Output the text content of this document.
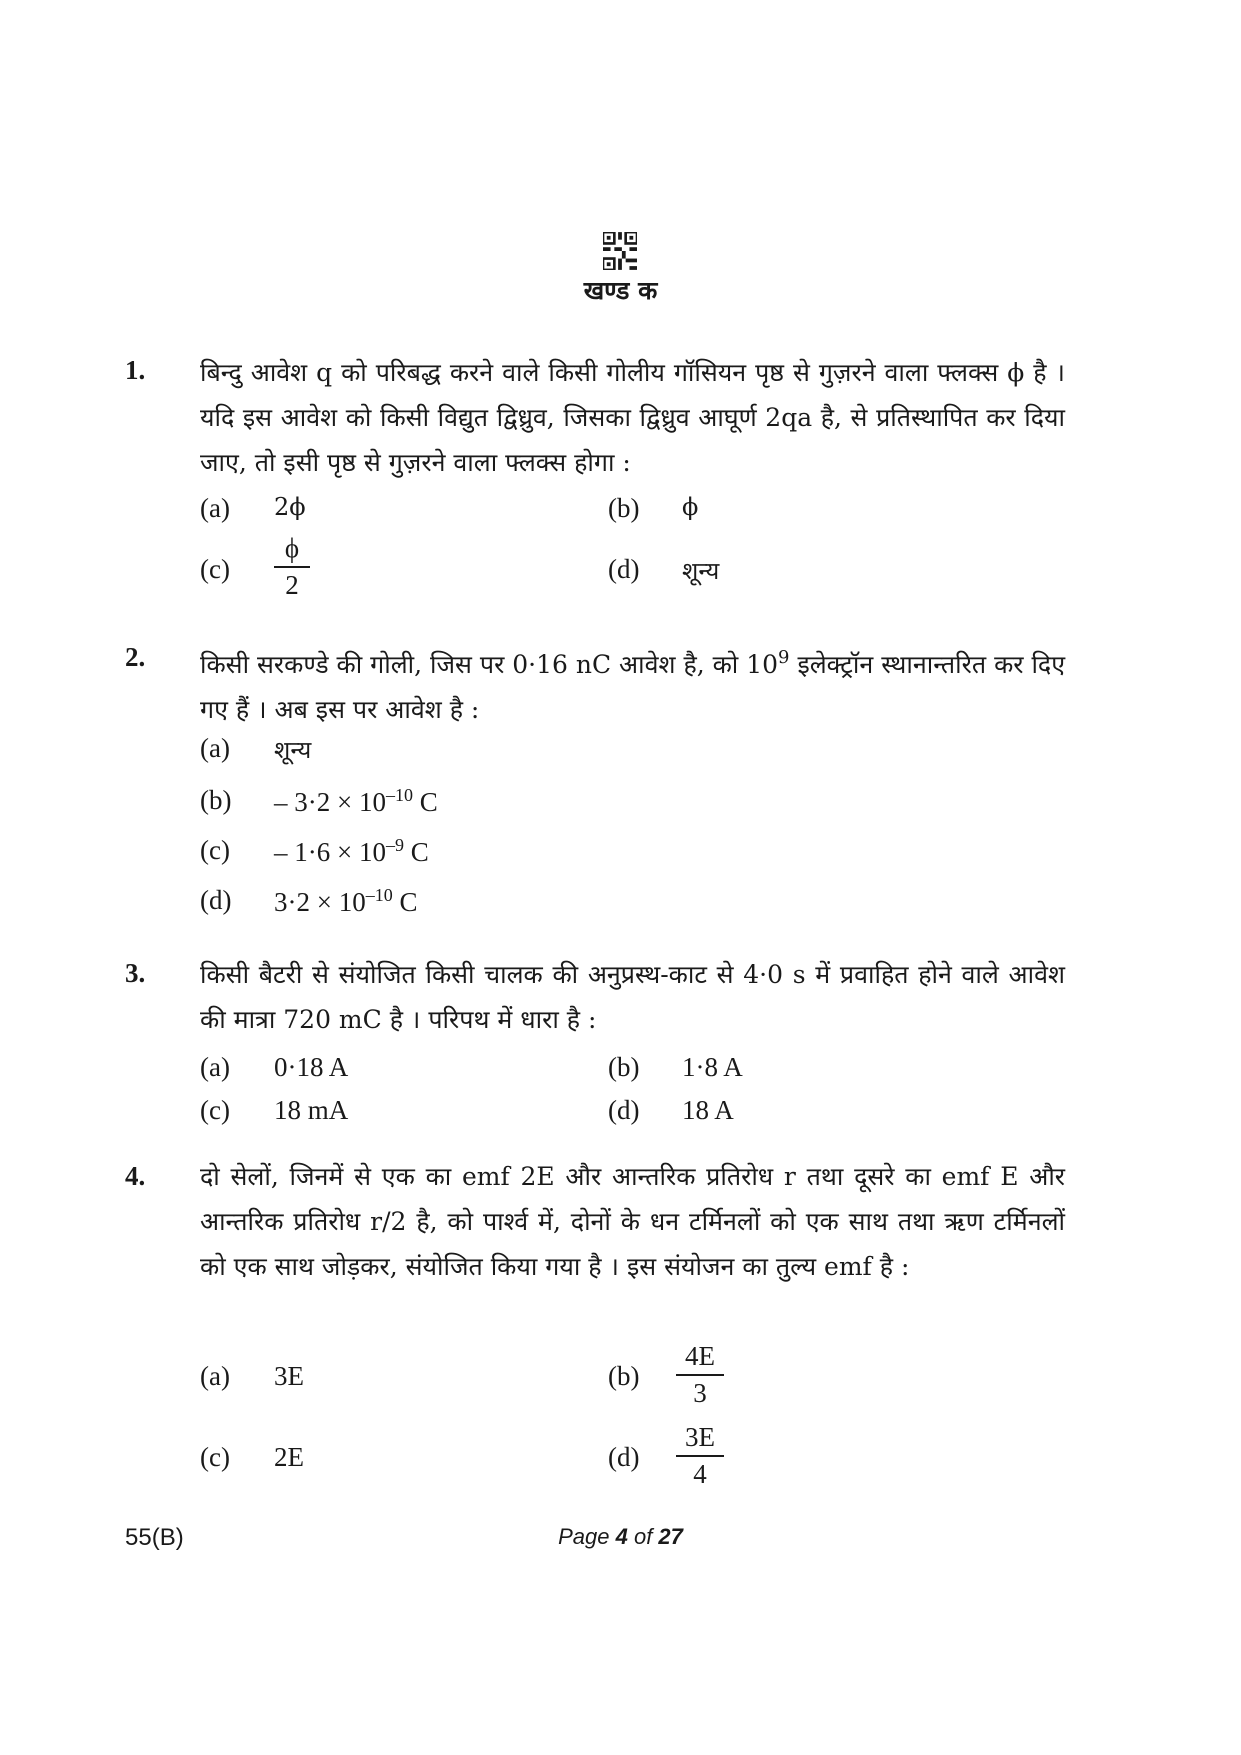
खण्ड क
1. बिन्दु आवेश q को परिबद्ध करने वाले किसी गोलीय गॉसियन पृष्ठ से गुज़रने वाला फ्लक्स ϕ है । यदि इस आवेश को किसी विद्युत द्विध्रुव, जिसका द्विध्रुव आघूर्ण 2qa है, से प्रतिस्थापित कर दिया जाए, तो इसी पृष्ठ से गुज़रने वाला फ्लक्स होगा :
(a) 2ϕ	(b) ϕ
$(c) \frac{\phi}{2}$	(d) शून्य
2. किसी सरकण्डे की गोली, जिस पर 0·16 nC आवेश है, को $10^9$ इलेक्ट्रॉन स्थानान्तरित कर दिए गए हैं । अब इस पर आवेश है :
(a) शून्य
$(b) - 3\cdot 2 \times 10^{-10}$ C
$(c) - 1\cdot 6 \times 10^{-9}$ C
(d) $3\cdot 2 \times 10^{-10}$ C
3. किसी बैटरी से संयोजित किसी चालक की अनुप्रस्थ-काट से 4·0 s में प्रवाहित होने वाले आवेश की मात्रा 720 mC है । परिपथ में धारा है :
(a) 0·18 A	(b) 1·8 A
(c) 18 mA	(d) 18 A
4. दो सेलों, जिनमें से एक का emf 2E और आन्तरिक प्रतिरोध r तथा दूसरे का emf E और आन्तरिक प्रतिरोध r/2 है, को पार्श्व में, दोनों के धन टर्मिनलों को एक साथ तथा ऋण टर्मिनलों को एक साथ जोड़कर, संयोजित किया गया है । इस संयोजन का तुल्य emf है :
(a) 3E	$(b) \frac{4E}{3}$
(c) 2E	$(d) \frac{3E}{4}$
55(B)	Page 4 of 27
